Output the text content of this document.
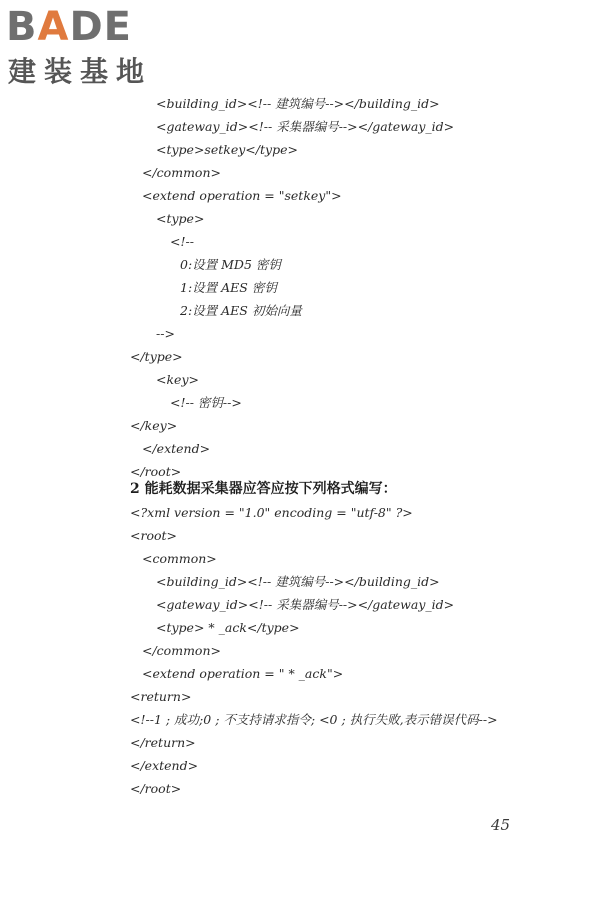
BADE
建装基地
<building_id><!-- 建筑编号--></building_id>
<gateway_id><!-- 采集器编号--></gateway_id>
<type>setkey</type>
</common>
<extend operation = "setkey">
<type>
<!--
0:设置 MD5 密钥
1:设置 AES 密钥
2:设置 AES 初始向量
-->
</type>
<key>
<!-- 密钥-->
</key>
</extend>
</root>
<?xml version = "1.0" encoding = "utf-8" ?>
<root>
<common>
<building_id><!-- 建筑编号--></building_id>
<gateway_id><!-- 采集器编号--></gateway_id>
<type> * _ack</type>
</common>
<extend operation = " * _ack">
<return>
<!--1 ; 成功;0 ; 不支持请求指令; <0 ; 执行失败,表示错误代码-->
</return>
</extend>
</root>
2 能耗数据采集器应答应按下列格式编写：
45
